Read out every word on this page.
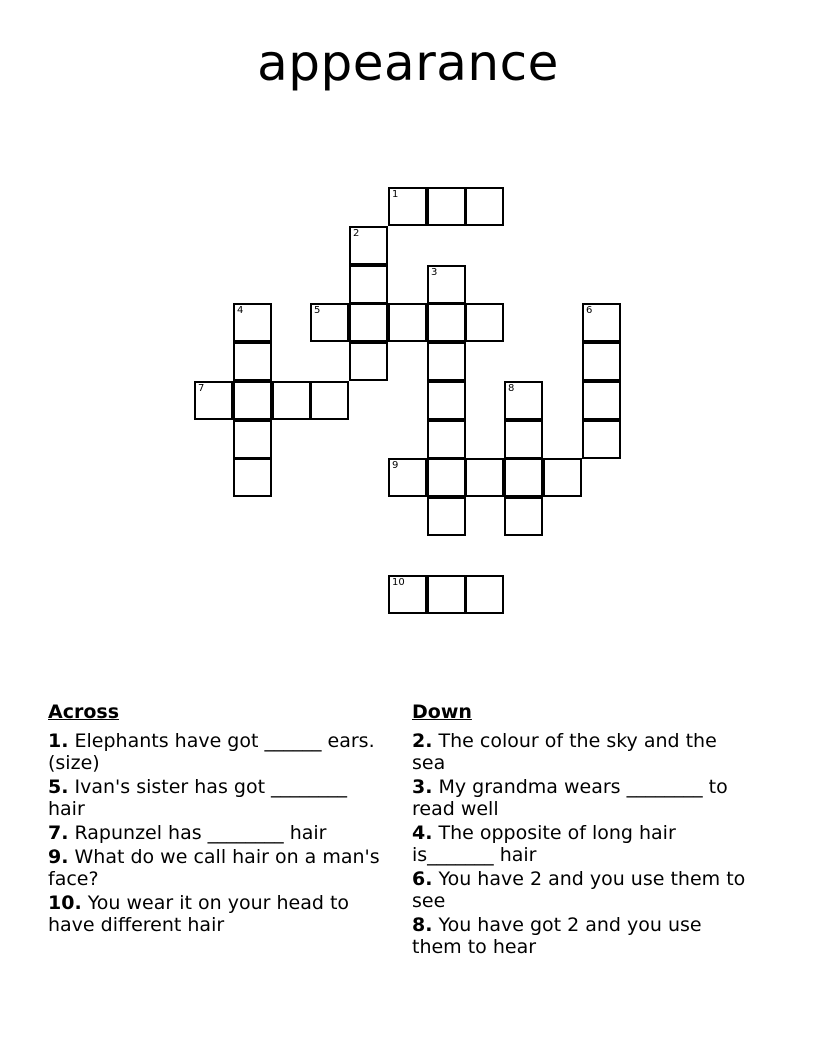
appearance
1
2
3
4	5	6
7	8
9
10
Across
1. Elephants have got ______ ears. (size)
5. Ivan's sister has got ________ hair
7. Rapunzel has ________ hair
9. What do we call hair on a man's face?
10. You wear it on your head to have different hair
Down
2. The colour of the sky and the sea
3. My grandma wears ________ to read well
4. The opposite of long hair is_______ hair
6. You have 2 and you use them to see
8. You have got 2 and you use them to hear
